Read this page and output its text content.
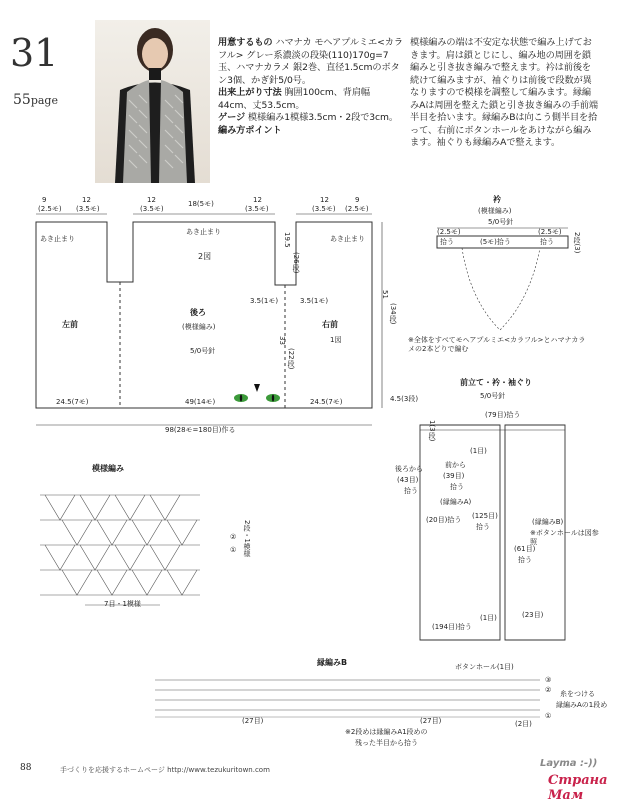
31
55page
用意するもの ハマナカ モヘアプルミエ<カラフル> グレー系濃淡の段染(110)170g=7玉、ハマナカラメ 銀2巻、直径1.5cmのボタン3個、かぎ針5/0号。
出来上がり寸法 胸囲100cm、背肩幅44cm、丈53.5cm。
ゲージ 模様編み1模様3.5cm・2段で3cm。
編み方ポイント
模様編みの端は不安定な状態で編み上げておきます。肩は鎖とじにし、編み地の周囲を鎖編みと引き抜き編みで整えます。衿は前後を続けて編みますが、袖ぐりは前後で段数が異なりますので模様を調整して編みます。縁編みAは周囲を整えた鎖と引き抜き編みの手前端半目を拾います。縁編みBは向こう側半目を拾って、右前にボタンホールをあけながら編みます。袖ぐりも縁編みAで整えます。
9
(2.5モ)
12
(3.5モ)
12
(3.5モ)
18(5モ)	12
(3.5モ)
12
(3.5モ)
9
(2.5モ)
あき止まり
あき止まり
あき止まり
2図
左前
後ろ
(模様編み)
5/0号針
右前
1図
3.5(1モ)	3.5(1モ)
19.5
(26段)
33
(22段)
51
(34段)
4.5(3段)
24.5(7モ)	49(14モ)	24.5(7モ)
98(28モ=180目)作る
衿
(模様編み)
5/0号針
(2.5モ)
拾う	(5モ)拾う
(2.5モ)
拾う	2段(3)
※全体をすべてモヘアプルミエ<カラフル>とハマナカラメの2本どりで編む
前立て・衿・袖ぐり
5/0号針
(79目)拾う
1(3段)
(1目)
後ろから
(43目)
拾う
前から
(39目)
拾う
(縁編みA)
(20目)拾う (125目)
拾う
(縁編みB)
※ボタンホールは図参照
(61目)
拾う
(23目)
(194目)拾う
(1目)
模様編み
7目・1模様
2段・1模様
②
①
縁編みB	ボタンホール(1目)
(27目)	(27目)	(2目)
糸をつける
縁編みAの1段め
※2段めは縁編みA1段めの
残った半目から拾う
③
②
①
88	手づくりを応援するホームページ http://www.tezukuritown.com
Layma :-))
Страна Мам
